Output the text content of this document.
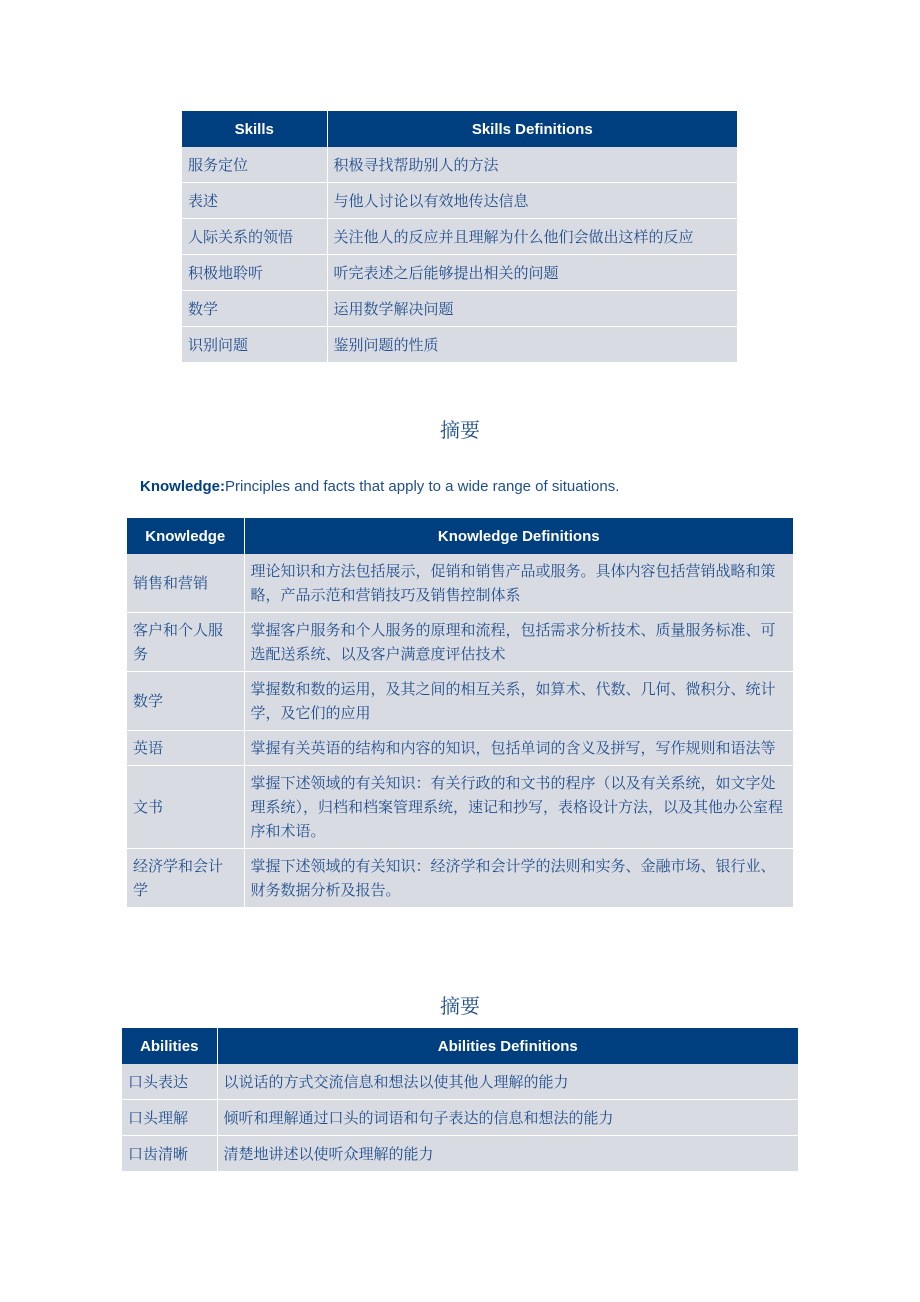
Skills	Skills Definitions
服务定位	积极寻找帮助别人的方法
表述	与他人讨论以有效地传达信息
人际关系的领悟	关注他人的反应并且理解为什么他们会做出这样的反应
积极地聆听	听完表述之后能够提出相关的问题
数学	运用数学解决问题
识别问题	鉴别问题的性质
摘要
Knowledge:Principles and facts that apply to a wide range of situations.
Knowledge	Knowledge Definitions
销售和营销	理论知识和方法包括展示，促销和销售产品或服务。具体内容包括营销战略和策略，产品示范和营销技巧及销售控制体系
客户和个人服务	掌握客户服务和个人服务的原理和流程，包括需求分析技术、质量服务标准、可选配送系统、以及客户满意度评估技术
数学	掌握数和数的运用，及其之间的相互关系，如算术、代数、几何、微积分、统计学，及它们的应用
英语	掌握有关英语的结构和内容的知识，包括单词的含义及拼写，写作规则和语法等
文书	掌握下述领域的有关知识：有关行政的和文书的程序（以及有关系统，如文字处理系统），归档和档案管理系统，速记和抄写，表格设计方法，以及其他办公室程序和术语。
经济学和会计学	掌握下述领域的有关知识：经济学和会计学的法则和实务、金融市场、银行业、财务数据分析及报告。
摘要
Abilities	Abilities Definitions
口头表达	以说话的方式交流信息和想法以使其他人理解的能力
口头理解	倾听和理解通过口头的词语和句子表达的信息和想法的能力
口齿清晰	清楚地讲述以使听众理解的能力
